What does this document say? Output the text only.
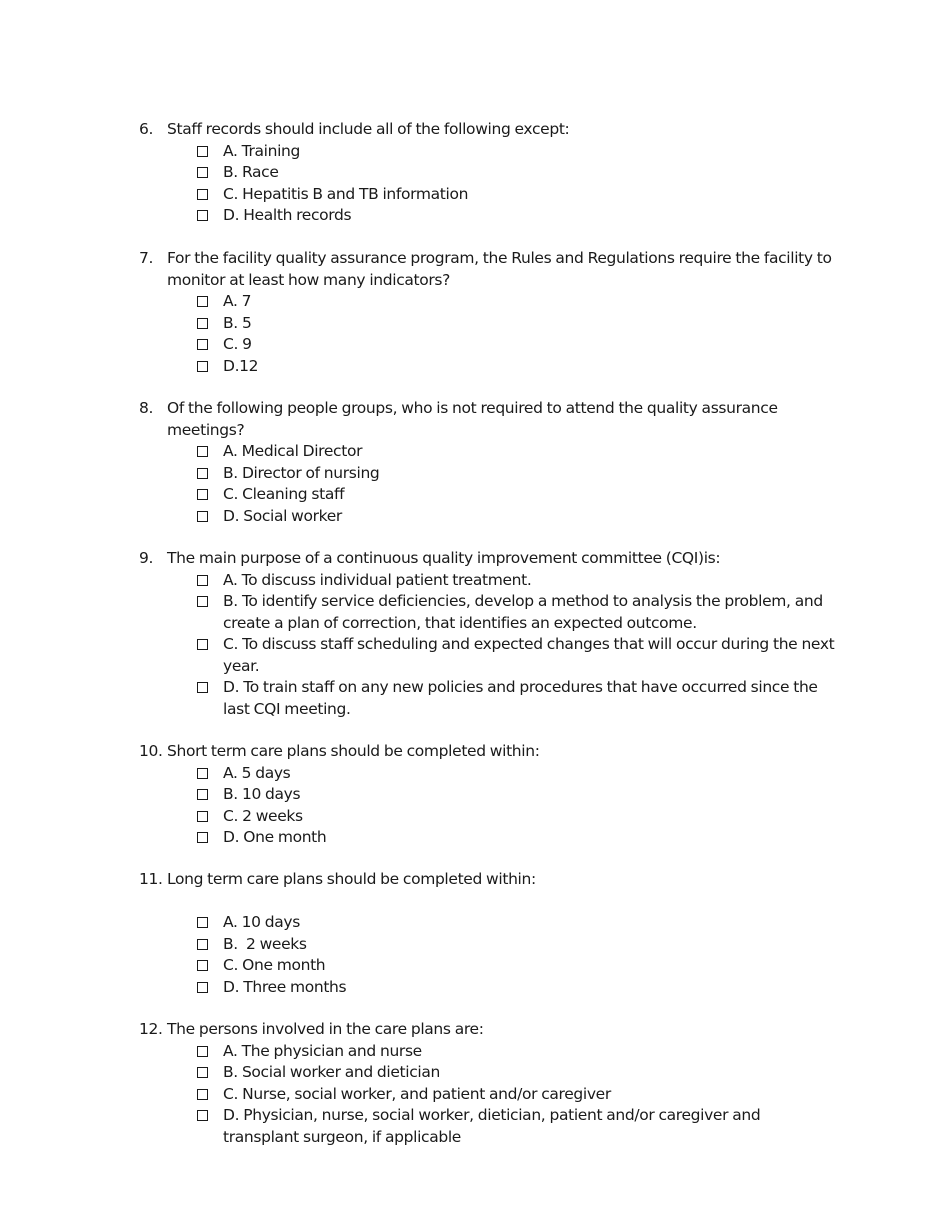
6. Staff records should include all of the following except:
A. Training
B. Race
C. Hepatitis B and TB information
D. Health records
7. For the facility quality assurance program, the Rules and Regulations require the facility to monitor at least how many indicators?
A. 7
B. 5
C. 9
D.12
8. Of the following people groups, who is not required to attend the quality assurance meetings?
A. Medical Director
B. Director of nursing
C. Cleaning staff
D. Social worker
9. The main purpose of a continuous quality improvement committee (CQI)is:
A. To discuss individual patient treatment.
B. To identify service deficiencies, develop a method to analysis the problem, and create a plan of correction, that identifies an expected outcome.
C. To discuss staff scheduling and expected changes that will occur during the next year.
D. To train staff on any new policies and procedures that have occurred since the last CQI meeting.
10. Short term care plans should be completed within:
A. 5 days
B. 10 days
C. 2 weeks
D. One month
11. Long term care plans should be completed within:
A. 10 days
B.  2 weeks
C. One month
D. Three months
12. The persons involved in the care plans are:
A. The physician and nurse
B. Social worker and dietician
C. Nurse, social worker, and patient and/or caregiver
D. Physician, nurse, social worker, dietician, patient and/or caregiver and transplant surgeon, if applicable
